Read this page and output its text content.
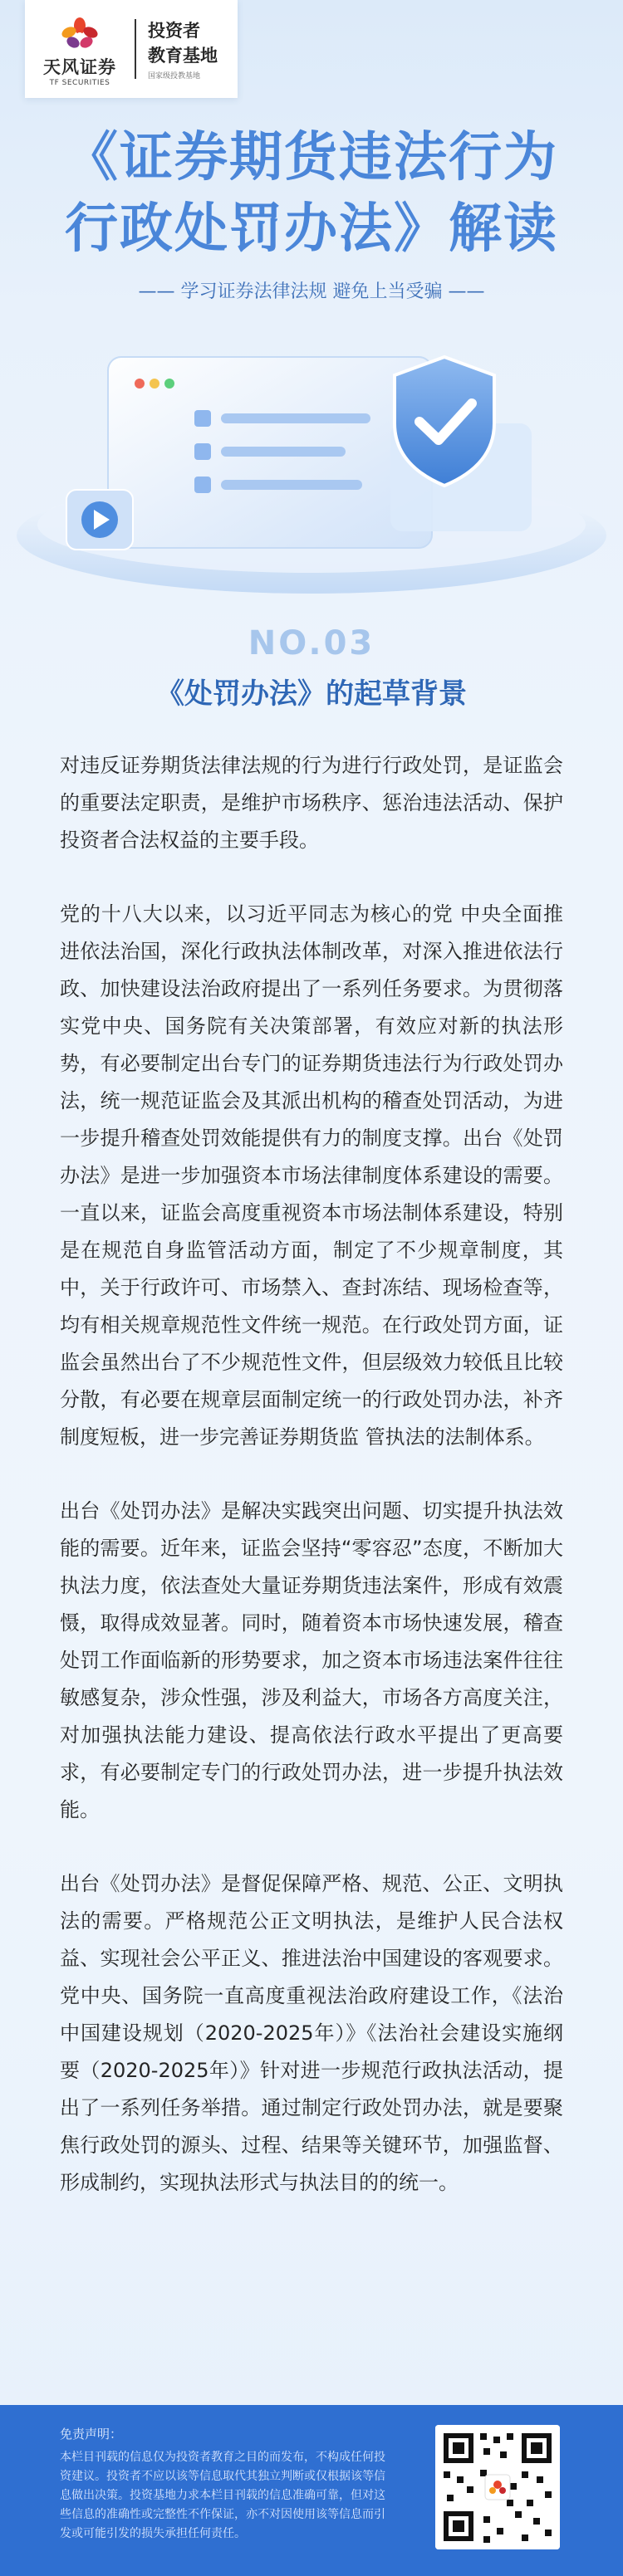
天风证券
TF SECURITIES
投资者
教育基地
国家级投教基地
《证券期货违法行为
行政处罚办法》解读
—— 学习证券法律法规 避免上当受骗 ——
NO.03
《处罚办法》的起草背景

对违反证券期货法律法规的行为进行行政处罚，是证监会的重要法定职责，是维护市场秩序、惩治违法活动、保护投资者合法权益的主要手段。

党的十八大以来，以习近平同志为核心的党 中央全面推进依法治国，深化行政执法体制改革，对深入推进依法行政、加快建设法治政府提出了一系列任务要求。为贯彻落实党中央、国务院有关决策部署，有效应对新的执法形势，有必要制定出台专门的证券期货违法行为行政处罚办法，统一规范证监会及其派出机构的稽查处罚活动，为进一步提升稽查处罚效能提供有力的制度支撑。出台《处罚办法》是进一步加强资本市场法律制度体系建设的需要。一直以来，证监会高度重视资本市场法制体系建设，特别是在规范自身监管活动方面，制定了不少规章制度，其中，关于行政许可、市场禁入、查封冻结、现场检查等，均有相关规章规范性文件统一规范。在行政处罚方面，证监会虽然出台了不少规范性文件，但层级效力较低且比较分散，有必要在规章层面制定统一的行政处罚办法，补齐制度短板，进一步完善证券期货监 管执法的法制体系。

出台《处罚办法》是解决实践突出问题、切实提升执法效能的需要。近年来，证监会坚持“零容忍”态度，不断加大执法力度，依法查处大量证券期货违法案件，形成有效震慑，取得成效显著。同时，随着资本市场快速发展，稽查处罚工作面临新的形势要求，加之资本市场违法案件往往敏感复杂，涉众性强，涉及利益大，市场各方高度关注，对加强执法能力建设、提高依法行政水平提出了更高要求，有必要制定专门的行政处罚办法，进一步提升执法效能。

出台《处罚办法》是督促保障严格、规范、公正、文明执法的需要。严格规范公正文明执法，是维护人民合法权益、实现社会公平正义、推进法治中国建设的客观要求。党中央、国务院一直高度重视法治政府建设工作，《法治中国建设规划（2020-2025年）》《法治社会建设实施纲要（2020-2025年）》针对进一步规范行政执法活动，提出了一系列任务举措。通过制定行政处罚办法，就是要聚焦行政处罚的源头、过程、结果等关键环节，加强监督、形成制约，实现执法形式与执法目的的统一。

免责声明：
本栏目刊载的信息仅为投资者教育之目的而发布，不构成任何投资建议。投资者不应以该等信息取代其独立判断或仅根据该等信息做出决策。投资基地力求本栏目刊载的信息准确可靠，但对这些信息的准确性或完整性不作保证，亦不对因使用该等信息而引发或可能引发的损失承担任何责任。
